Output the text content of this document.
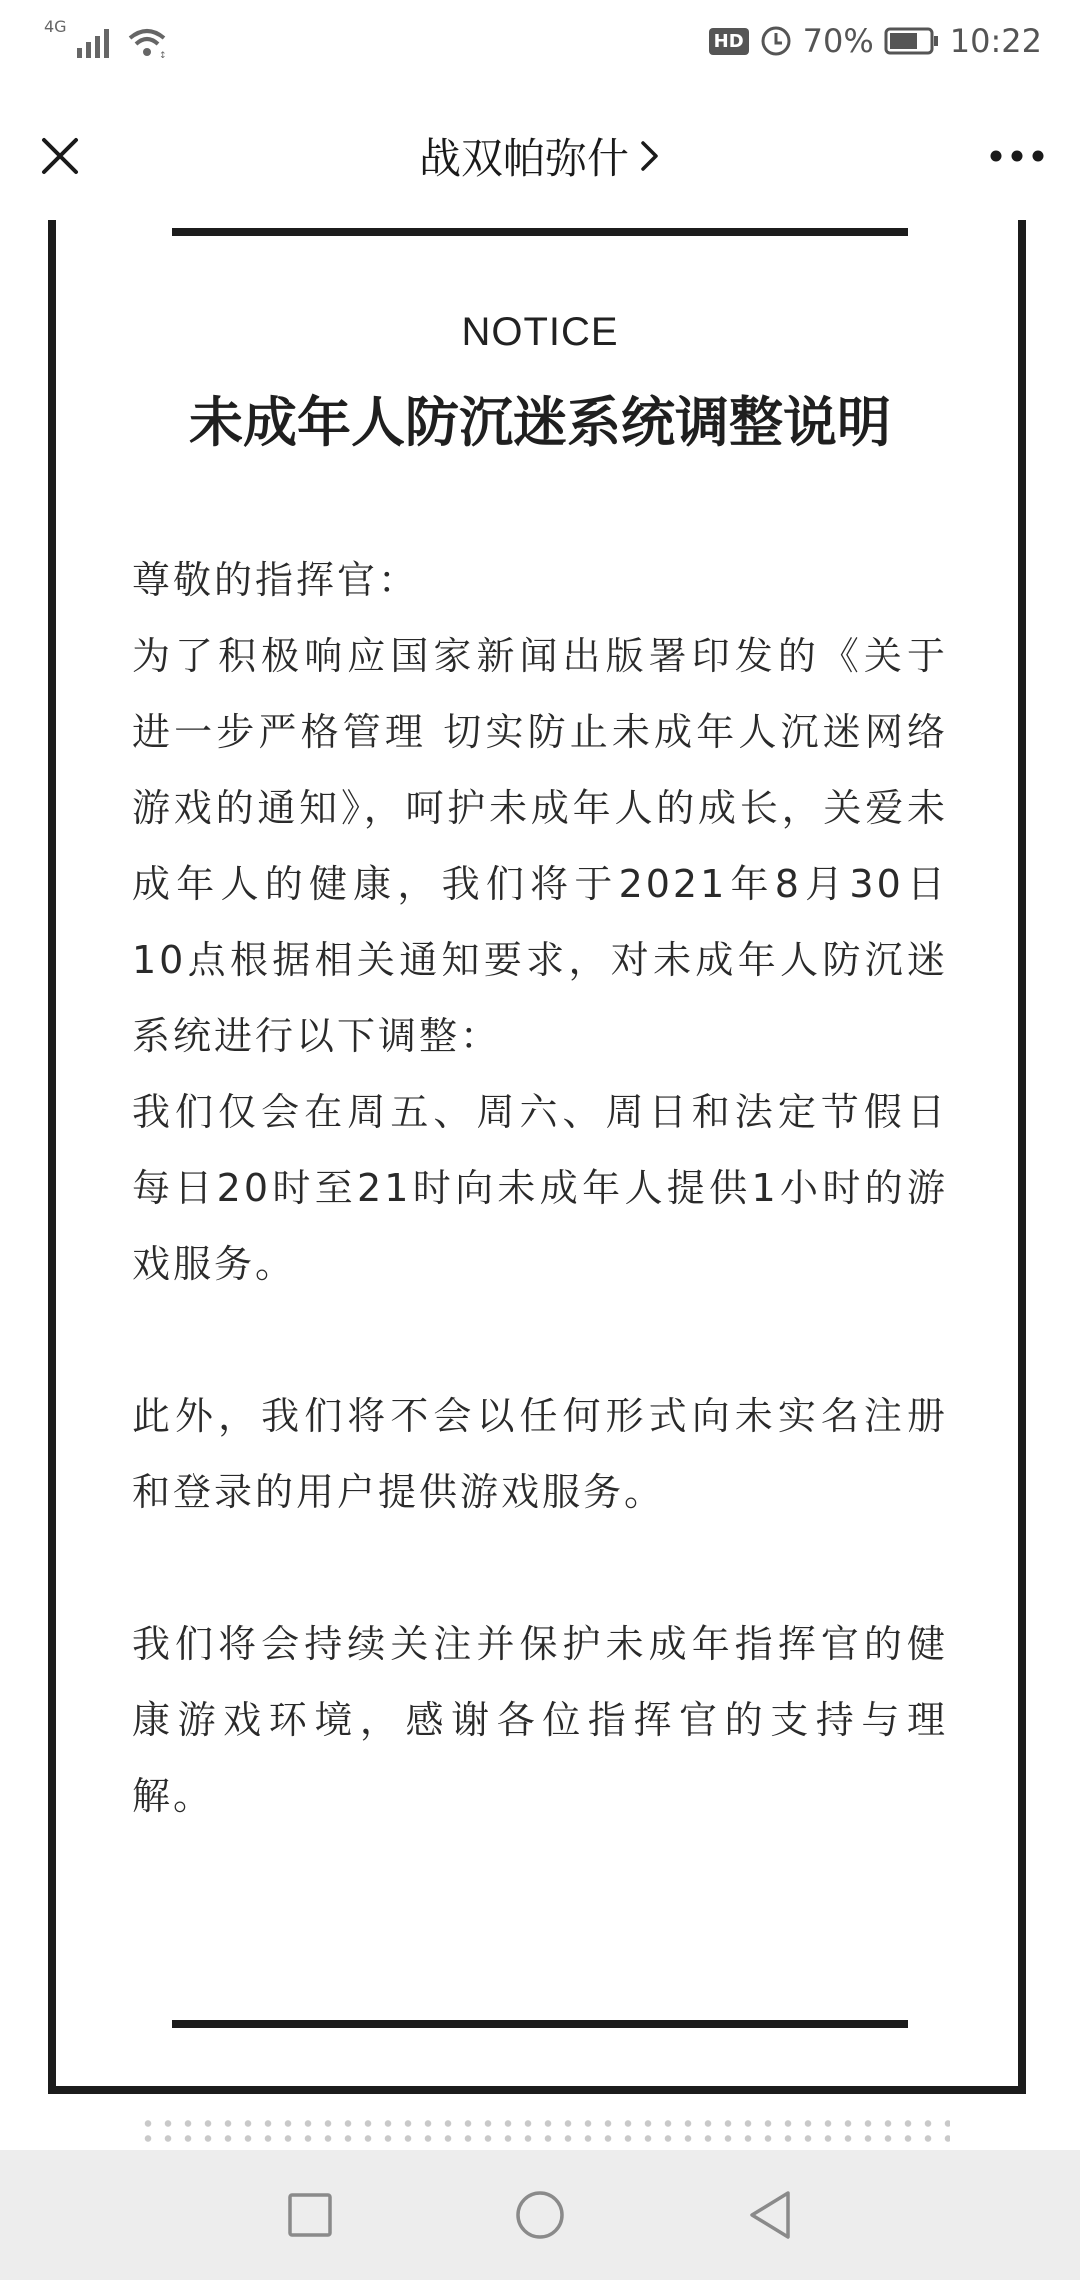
4G
↕
HD 70% 10:22
战双帕弥什
NOTICE
未成年人防沉迷系统调整说明

尊敬的指挥官：

为了积极响应国家新闻出版署印发的《关于进一步严格管理 切实防止未成年人沉迷网络游戏的通知》，呵护未成年人的成长，关爱未成年人的健康，我们将于2021年8月30日10点根据相关通知要求，对未成年人防沉迷系统进行以下调整：

我们仅会在周五、周六、周日和法定节假日每日20时至21时向未成年人提供1小时的游戏服务。

此外，我们将不会以任何形式向未实名注册和登录的用户提供游戏服务。

我们将会持续关注并保护未成年指挥官的健康游戏环境，感谢各位指挥官的支持与理解。
